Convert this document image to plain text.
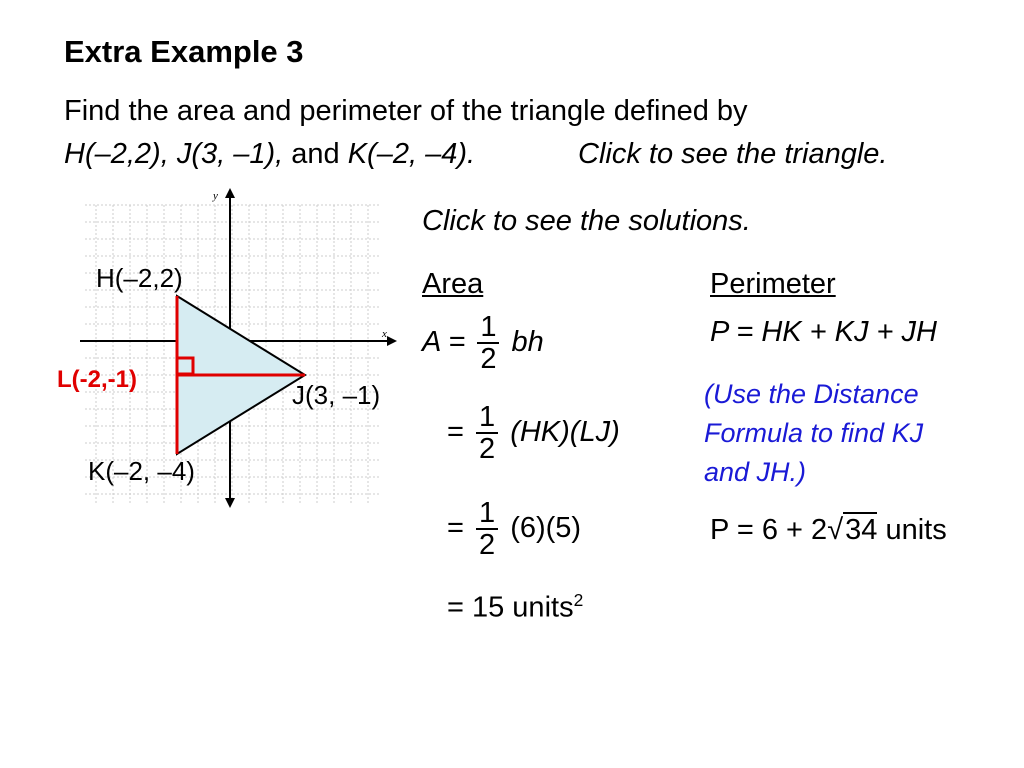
Extra Example 3
Find the area and perimeter of the triangle defined by
H(–2,2), J(3, –1), and K(–2, –4).	Click to see the triangle.
Click to see the solutions.
y
x
H(–2,2)
J(3, –1)
K(–2, –4)
L(-2,-1)
Area
$A = \frac{1}{2}$ bh
= $\frac{1}{2} (HK)(LJ)$
= $\frac{1}{2} (6)(5)$
= 15 units$^2$
Perimeter
P = HK + KJ + JH
(Use the Distance
Formula to find KJ
and JH.)
P = 6 + 2√34 units
